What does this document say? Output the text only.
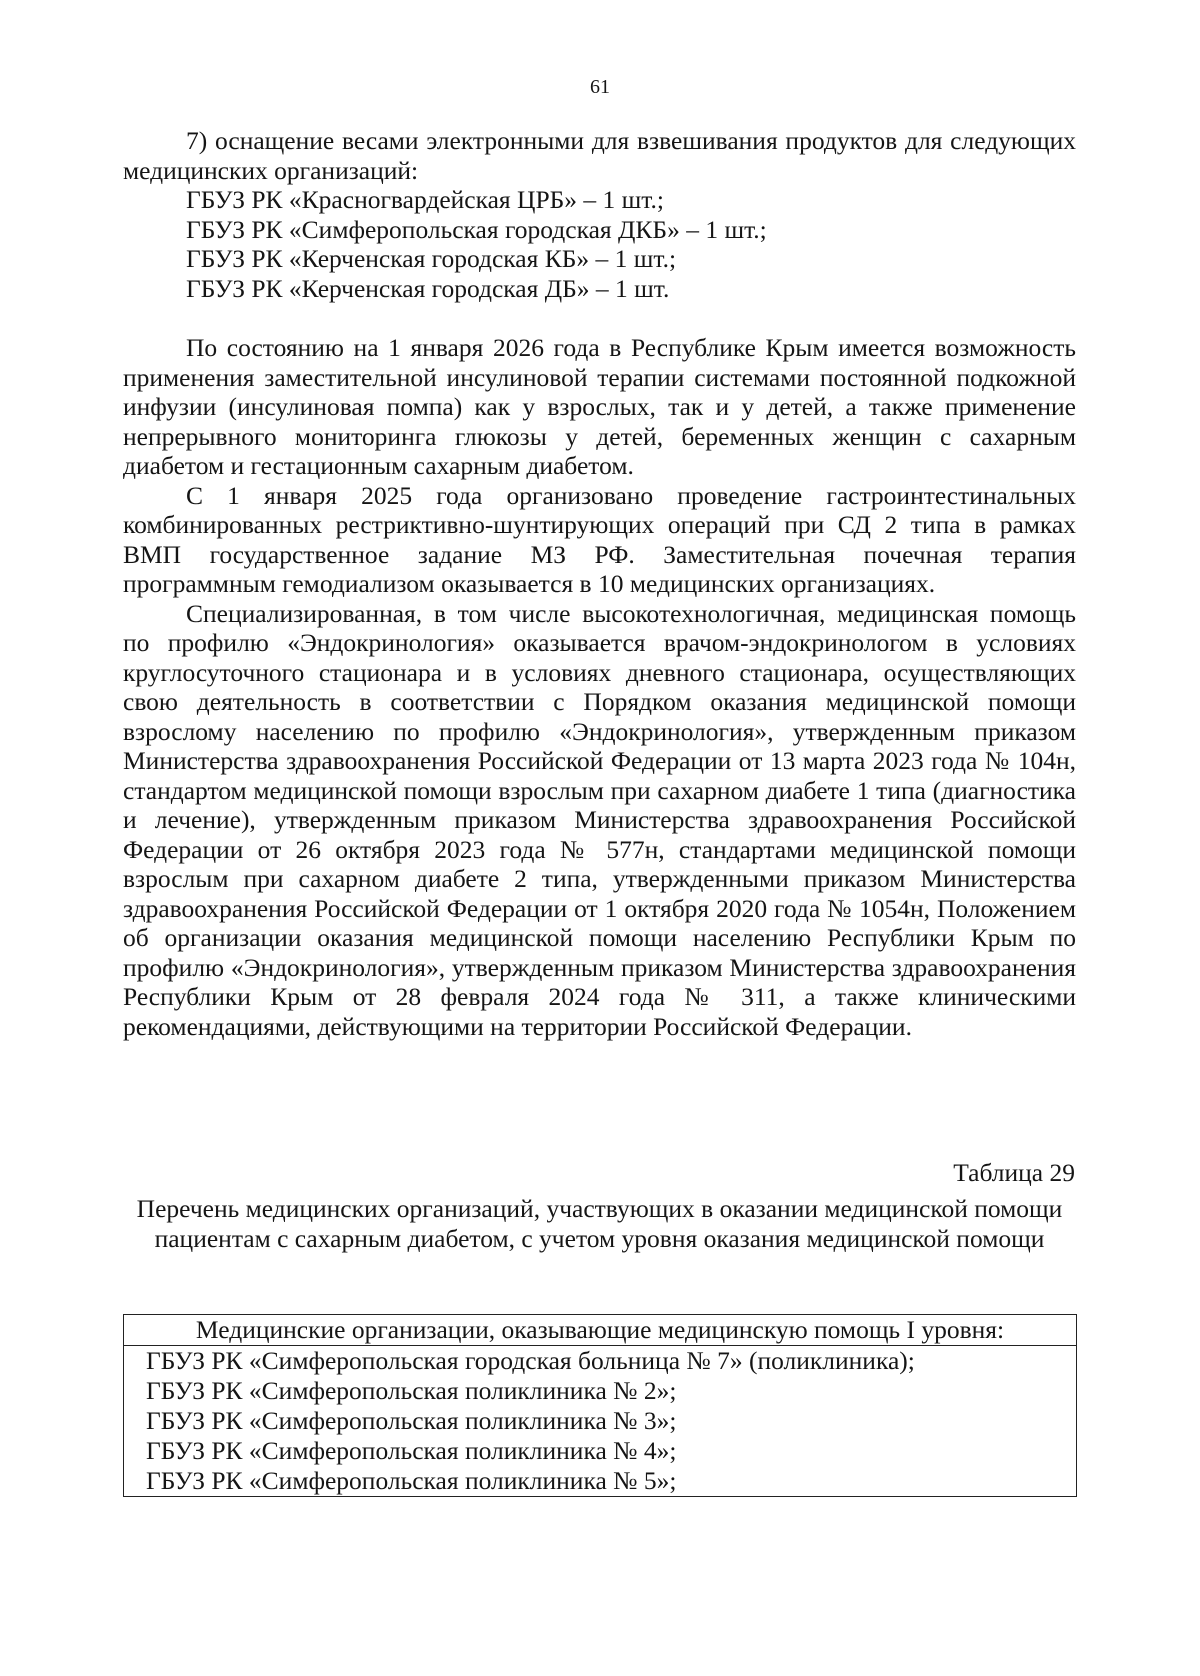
61

7) оснащение весами электронными для взвешивания продуктов для следующих медицинских организаций:

ГБУЗ РК «Красногвардейская ЦРБ» – 1 шт.;
ГБУЗ РК «Симферопольская городская ДКБ» – 1 шт.;
ГБУЗ РК «Керченская городская КБ» – 1 шт.;
ГБУЗ РК «Керченская городская ДБ» – 1 шт.

По состоянию на 1 января 2026 года в Республике Крым имеется возможность применения заместительной инсулиновой терапии системами постоянной подкожной инфузии (инсулиновая помпа) как у взрослых, так и у детей, а также применение непрерывного мониторинга глюкозы у детей, беременных женщин с сахарным диабетом и гестационным сахарным диабетом.

С 1 января 2025 года организовано проведение гастроинтестинальных комбинированных рестриктивно-шунтирующих операций при СД 2 типа в рамках ВМП государственное задание МЗ РФ. Заместительная почечная терапия программным гемодиализом оказывается в 10 медицинских организациях.

Специализированная, в том числе высокотехнологичная, медицинская помощь по профилю «Эндокринология» оказывается врачом-эндокринологом в условиях круглосуточного стационара и в условиях дневного стационара, осуществляющих свою деятельность в соответствии с Порядком оказания медицинской помощи взрослому населению по профилю «Эндокринология», утвержденным приказом Министерства здравоохранения Российской Федерации от 13 марта 2023 года № 104н, стандартом медицинской помощи взрослым при сахарном диабете 1 типа (диагностика и лечение), утвержденным приказом Министерства здравоохранения Российской Федерации от 26 октября 2023 года № 577н, стандартами медицинской помощи взрослым при сахарном диабете 2 типа, утвержденными приказом Министерства здравоохранения Российской Федерации от 1 октября 2020 года № 1054н, Положением об организации оказания медицинской помощи населению Республики Крым по профилю «Эндокринология», утвержденным приказом Министерства здравоохранения Республики Крым от 28 февраля 2024 года № 311, а также клиническими рекомендациями, действующими на территории Российской Федерации.

Таблица 29
Перечень медицинских организаций, участвующих в оказании медицинской помощи пациентам с сахарным диабетом, с учетом уровня оказания медицинской помощи
Медицинские организации, оказывающие медицинскую помощь I уровня:
ГБУЗ РК «Симферопольская городская больница № 7» (поликлиника);
ГБУЗ РК «Симферопольская поликлиника № 2»;
ГБУЗ РК «Симферопольская поликлиника № 3»;
ГБУЗ РК «Симферопольская поликлиника № 4»;
ГБУЗ РК «Симферопольская поликлиника № 5»;
